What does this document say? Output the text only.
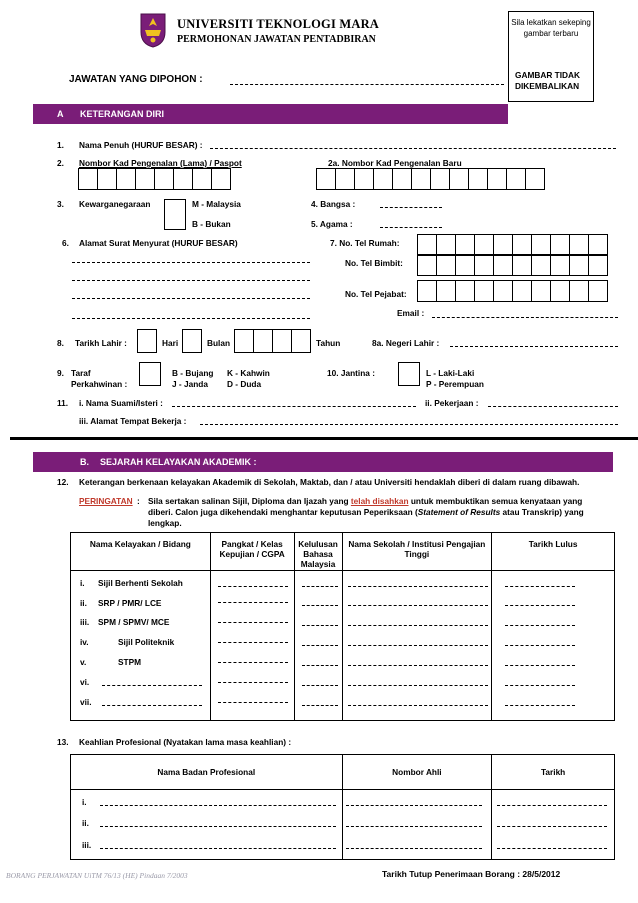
UNIVERSITI TEKNOLOGI MARA
PERMOHONAN JAWATAN PENTADBIRAN
Sila lekatkan sekeping gambar terbaru
GAMBAR TIDAK DIKEMBALIKAN
JAWATAN YANG DIPOHON :
A KETERANGAN DIRI
1. Nama Penuh (HURUF BESAR) :
2. Nombor Kad Pengenalan (Lama) / Paspot	2a. Nombor Kad Pengenalan Baru
3. Kewarganegaraan	M - Malaysia
B - Bukan
4. Bangsa :
5. Agama :
6. Alamat Surat Menyurat (HURUF BESAR)	7. No. Tel Rumah:
No. Tel Bimbit:
No. Tel Pejabat:
Email :
8. Tarikh Lahir :	Hari	Bulan	Tahun	8a. Negeri Lahir :
9. Taraf
Perkahwinan :
B - Bujang
J - Janda
K - Kahwin
D - Duda
10. Jantina :	L - Laki-Laki
P - Perempuan
11. i. Nama Suami/Isteri :	ii. Pekerjaan :
iii. Alamat Tempat Bekerja :
B. SEJARAH KELAYAKAN AKADEMIK :
12. Keterangan berkenaan kelayakan Akademik di Sekolah, Maktab, dan / atau Universiti hendaklah diberi di dalam ruang dibawah.
PERINGATAN : Sila sertakan salinan Sijil, Diploma dan Ijazah yang telah disahkan untuk membuktikan semua kenyataan yang
diberi. Calon juga dikehendaki menghantar keputusan Peperiksaan (Statement of Results atau Transkrip) yang
lengkap.
Nama Kelayakan / Bidang	Pangkat / Kelas Kepujian / CGPA	Kelulusan Bahasa Malaysia	Nama Sekolah / Institusi Pengajian Tinggi	Tarikh Lulus

i. Sijil Berhenti Sekolah
ii. SRP / PMR/ LCE
iii. SPM / SPMV/ MCE
iv.	Sijil Politeknik
v.	STPM
vi.
vii.
13. Keahlian Profesional (Nyatakan lama masa keahlian) :
Nama Badan Profesional	Nombor Ahli	Tarikh

i.
ii.
iii.
BORANG PERJAWATAN UiTM 76/13 (HE) Pindaan 7/2003	Tarikh Tutup Penerimaan Borang : 28/5/2012
